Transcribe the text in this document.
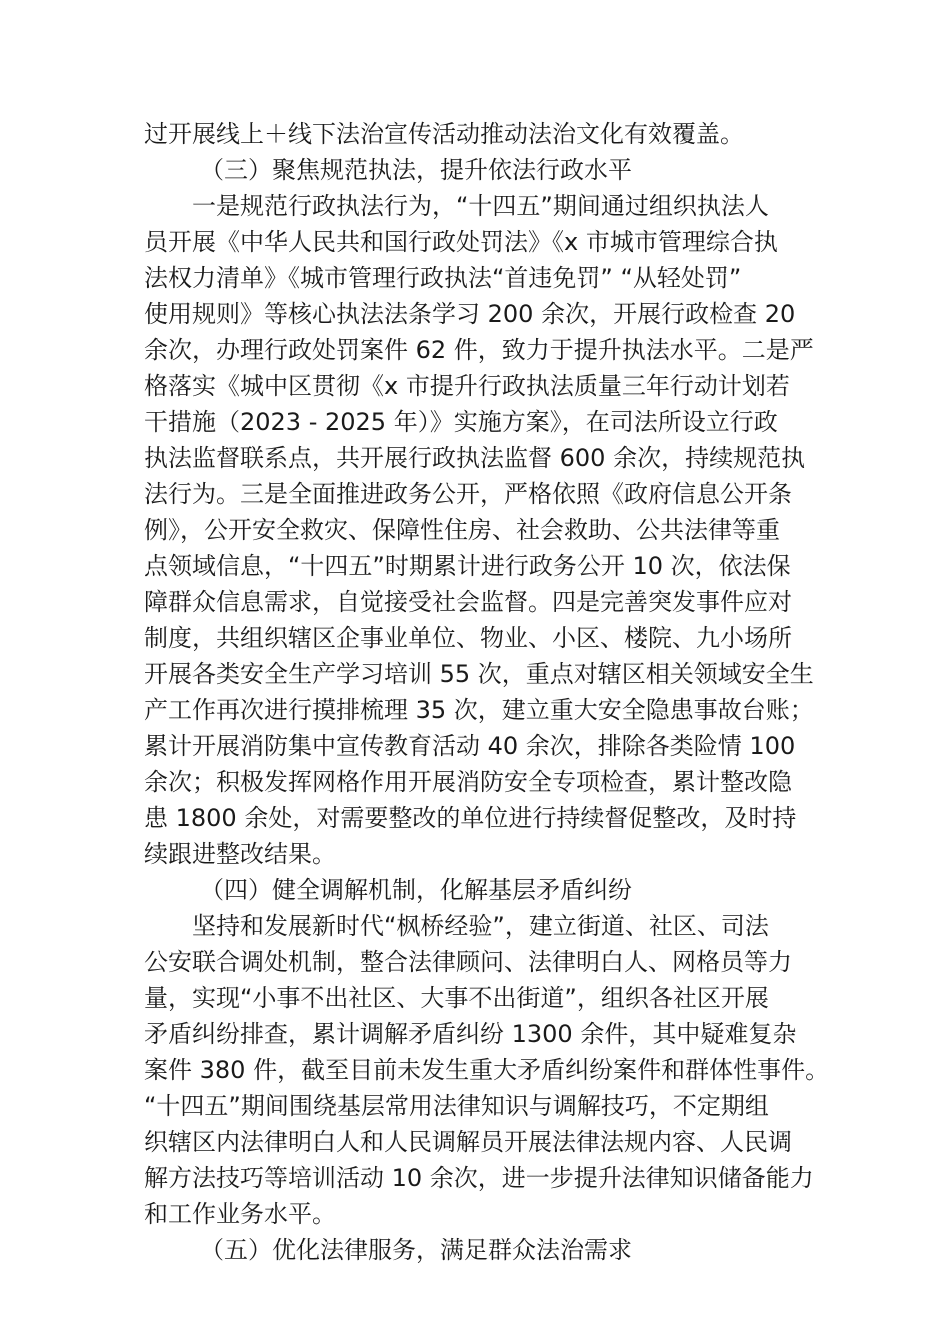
过开展线上＋线下法治宣传活动推动法治文化有效覆盖。
（三）聚焦规范执法，提升依法行政水平
一是规范行政执法行为，“十四五”期间通过组织执法人
员开展《中华人民共和国行政处罚法》《x 市城市管理综合执
法权力清单》《城市管理行政执法“首违免罚” “从轻处罚”
使用规则》等核心执法法条学习 200 余次，开展行政检查 20
余次，办理行政处罚案件 62 件，致力于提升执法水平。二是严
格落实《城中区贯彻《x 市提升行政执法质量三年行动计划若
干措施（2023 - 2025 年）》实施方案》，在司法所设立行政
执法监督联系点，共开展行政执法监督 600 余次，持续规范执
法行为。三是全面推进政务公开，严格依照《政府信息公开条
例》，公开安全救灾、保障性住房、社会救助、公共法律等重
点领域信息，“十四五”时期累计进行政务公开 10 次，依法保
障群众信息需求，自觉接受社会监督。四是完善突发事件应对
制度，共组织辖区企事业单位、物业、小区、楼院、九小场所
开展各类安全生产学习培训 55 次，重点对辖区相关领域安全生
产工作再次进行摸排梳理 35 次，建立重大安全隐患事故台账；
累计开展消防集中宣传教育活动 40 余次，排除各类险情 100
余次；积极发挥网格作用开展消防安全专项检查，累计整改隐
患 1800 余处，对需要整改的单位进行持续督促整改，及时持
续跟进整改结果。
（四）健全调解机制，化解基层矛盾纠纷
坚持和发展新时代“枫桥经验”，建立街道、社区、司法
公安联合调处机制，整合法律顾问、法律明白人、网格员等力
量，实现“小事不出社区、大事不出街道”，组织各社区开展
矛盾纠纷排查，累计调解矛盾纠纷 1300 余件，其中疑难复杂
案件 380 件，截至目前未发生重大矛盾纠纷案件和群体性事件。
“十四五”期间围绕基层常用法律知识与调解技巧，不定期组
织辖区内法律明白人和人民调解员开展法律法规内容、人民调
解方法技巧等培训活动 10 余次，进一步提升法律知识储备能力
和工作业务水平。
（五）优化法律服务，满足群众法治需求
